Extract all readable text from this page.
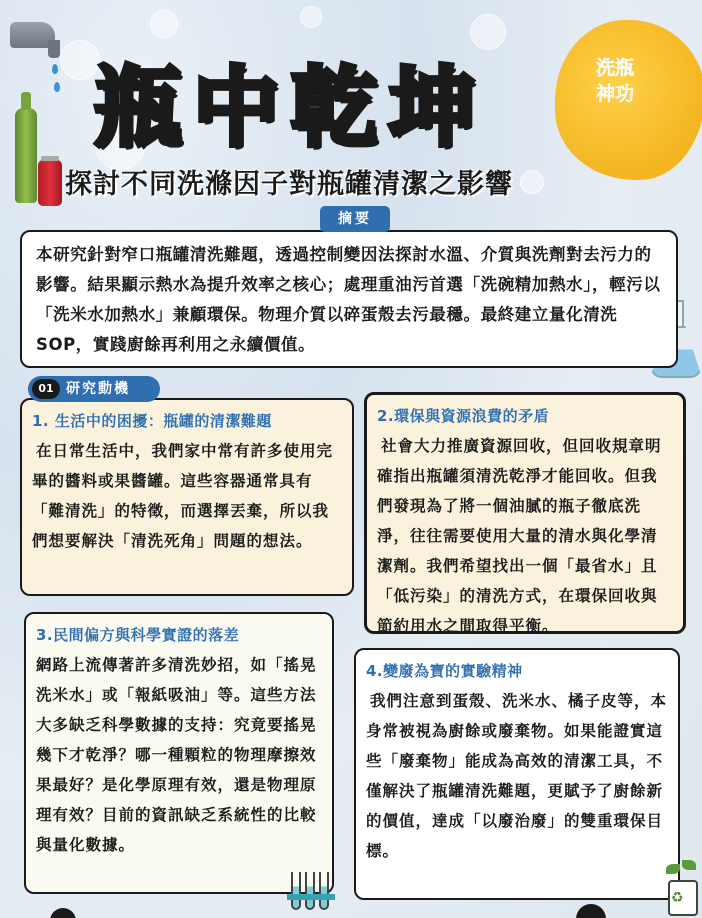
洗瓶
神功
瓶中乾坤
探討不同洗滌因子對瓶罐清潔之影響

本研究針對窄口瓶罐清洗難題，透過控制變因法探討水溫、介質與洗劑對去污力的影響。結果顯示熱水為提升效率之核心；處理重油污首選「洗碗精加熱水」，輕污以「洗米水加熱水」兼顧環保。物理介質以碎蛋殼去污最穩。最終建立量化清洗SOP，實踐廚餘再利用之永續價值。

摘要
1. 生活中的困擾：瓶罐的清潔難題
在日常生活中，我們家中常有許多使用完畢的醬料或果醬罐。這些容器通常具有「難清洗」的特徵，而選擇丟棄，所以我們想要解決「清洗死角」問題的想法。
01 研究動機
2.環保與資源浪費的矛盾
社會大力推廣資源回收，但回收規章明確指出瓶罐須清洗乾淨才能回收。但我們發現為了將一個油膩的瓶子徹底洗淨，往往需要使用大量的清水與化學清潔劑。我們希望找出一個「最省水」且「低污染」的清洗方式，在環保回收與節約用水之間取得平衡。
3.民間偏方與科學實證的落差
網路上流傳著許多清洗妙招，如「搖晃洗米水」或「報紙吸油」等。這些方法大多缺乏科學數據的支持：究竟要搖晃幾下才乾淨？哪一種顆粒的物理摩擦效果最好？是化學原理有效，還是物理原理有效？目前的資訊缺乏系統性的比較與量化數據。
4.變廢為寶的實驗精神
我們注意到蛋殼、洗米水、橘子皮等，本身常被視為廚餘或廢棄物。如果能證實這些「廢棄物」能成為高效的清潔工具，不僅解決了瓶罐清洗難題，更賦予了廚餘新的價值，達成「以廢治廢」的雙重環保目標。
♻
